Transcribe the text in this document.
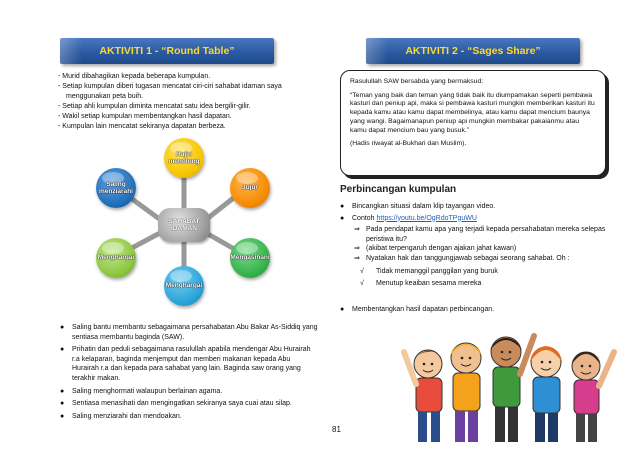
AKTIVITI 1 - “Round Table”	AKTIVITI 2 - “Sages Share”
- Murid dibahagikan kepada beberapa kumpulan.
- Setiap kumpulan diberi tugasan mencatat ciri-ciri sahabat idaman saya
menggunakan peta buih.
- Setiap ahli kumpulan diminta mencatat satu idea bergilir-gilir.
- Wakil setiap kumpulan membentangkan hasil dapatan.
- Kumpulan lain mencatat sekiranya dapatan berbeza.
Rajin menolong
Jujur
Mengasihani
Menghargai
Menghargai
Saling menziarahi
SAHABAT IDAMAN
●	Saling bantu membantu sebagaimana persahabatan Abu Bakar As-Siddiq yang sentiasa membantu baginda (SAW).
●	Prihatin dan peduli sebagaimana rasulullah apabila mendengar Abu Hurairah r.a kelaparan, baginda menjemput dan memberi makanan kepada Abu Hurairah r.a dan kepada para sahabat yang lain. Baginda saw orang yang terakhir makan.
●	Saling menghormati walaupun berlainan agama.
●	Sentiasa menasihati dan mengingatkan sekiranya saya cuai atau silap.
●	Saling menziarahi dan mendoakan.

Rasulullah SAW bersabda yang bermaksud:

“Teman yang baik dan teman yang tidak baik itu diumpamakan seperti pembawa kasturi dan peniup api, maka si pembawa kasturi mungkin memberikan kasturi itu kepada kamu atau kamu dapat membelinya, atau kamu dapat mencium baunya yang wangi. Bagaimanapun peniup api mungkin membakar pakaianmu atau kamu dapat mencium bau yang busuk.”

(Hadis riwayat al-Bukhari dan Muslim).

Perbincangan kumpulan
●	Bincangkan situasi dalam klip tayangan video.
●	Contoh https://youtu.be/OgRdoTPguWU
⇒ Pada pendapat kamu apa yang terjadi kepada persahabatan mereka selepas peristiwa itu?
⇒ (akibat terpengaruh dengan ajakan jahat kawan)
⇒ Nyatakan hak dan tanggungjawab sebagai seorang sahabat. Oh :
√	Tidak memanggil panggilan yang buruk
√	Menutup keaiban sesama mereka
●	Membentangkan hasil dapatan perbincangan.
81
